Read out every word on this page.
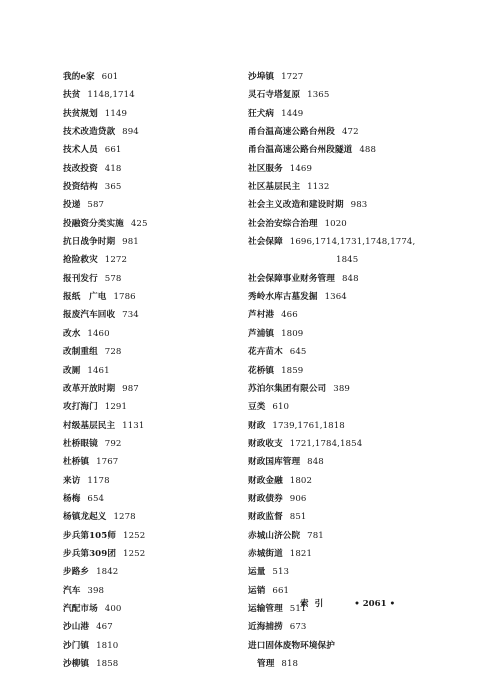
我的e家 601
扶贫 1148,1714
扶贫规划 1149
技术改造贷款 894
技术人员 661
技改投资 418
投资结构 365
投递 587
投融资分类实施 425
抗日战争时期 981
抢险救灾 1272
报刊发行 578
报纸　广电 1786
报废汽车回收 734
改水 1460
改制重组 728
改厕 1461
改革开放时期 987
攻打海门 1291
村级基层民主 1131
杜桥眼镜 792
杜桥镇 1767
来访 1178
杨梅 654
杨镇龙起义 1278
步兵第105师 1252
步兵第309团 1252
步路乡 1842
汽车 398
汽配市场 400
沙山港 467
沙门镇 1810
沙柳镇 1858
沙埠镇 1727
灵石寺塔复原 1365
狂犬病 1449
甬台温高速公路台州段 472
甬台温高速公路台州段隧道 488
社区服务 1469
社区基层民主 1132
社会主义改造和建设时期 983
社会治安综合治理 1020
社会保障 1696,1714,1731,1748,1774,
1845
社会保障事业财务管理 848
秀岭水库古墓发掘 1364
芦村港 466
芦浦镇 1809
花卉苗木 645
花桥镇 1859
苏泊尔集团有限公司 389
豆类 610
财政 1739,1761,1818
财政收支 1721,1784,1854
财政国库管理 848
财政金融 1802
财政债券 906
财政监督 851
赤城山济公院 781
赤城街道 1821
运量 513
运销 661
运输管理 511
近海捕捞 673
进口固体废物环境保护
管理 818
索引	• 2061 •
